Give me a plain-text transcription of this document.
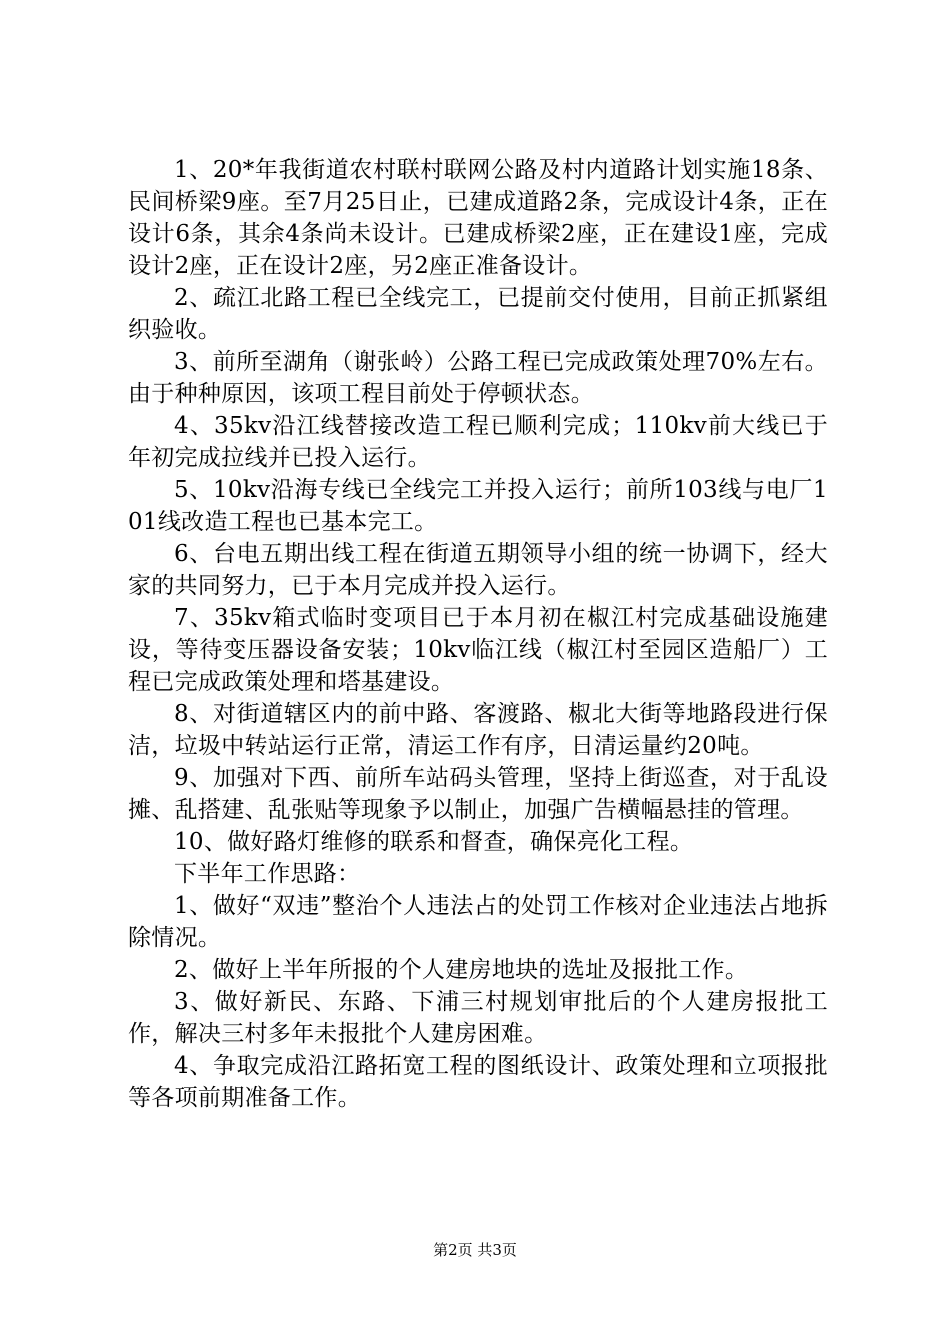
1、20*年我街道农村联村联网公路及村内道路计划实施18条、民间桥梁9座。至7月25日止，已建成道路2条，完成设计4条，正在设计6条，其余4条尚未设计。已建成桥梁2座，正在建设1座，完成设计2座，正在设计2座，另2座正准备设计。

2、疏江北路工程已全线完工，已提前交付使用，目前正抓紧组织验收。

3、前所至湖角（谢张岭）公路工程已完成政策处理70%左右。由于种种原因，该项工程目前处于停顿状态。

4、35kv沿江线替接改造工程已顺利完成；110kv前大线已于年初完成拉线并已投入运行。

5、10kv沿海专线已全线完工并投入运行；前所103线与电厂101线改造工程也已基本完工。

6、台电五期出线工程在街道五期领导小组的统一协调下，经大家的共同努力，已于本月完成并投入运行。

7、35kv箱式临时变项目已于本月初在椒江村完成基础设施建设，等待变压器设备安装；10kv临江线（椒江村至园区造船厂）工程已完成政策处理和塔基建设。

8、对街道辖区内的前中路、客渡路、椒北大街等地路段进行保洁，垃圾中转站运行正常，清运工作有序，日清运量约20吨。

9、加强对下西、前所车站码头管理，坚持上街巡查，对于乱设摊、乱搭建、乱张贴等现象予以制止，加强广告横幅悬挂的管理。

10、做好路灯维修的联系和督查，确保亮化工程。

下半年工作思路：

1、做好“双违”整治个人违法占的处罚工作核对企业违法占地拆除情况。

2、做好上半年所报的个人建房地块的选址及报批工作。

3、做好新民、东路、下浦三村规划审批后的个人建房报批工作，解决三村多年未报批个人建房困难。

4、争取完成沿江路拓宽工程的图纸设计、政策处理和立项报批等各项前期准备工作。

第2页 共3页
